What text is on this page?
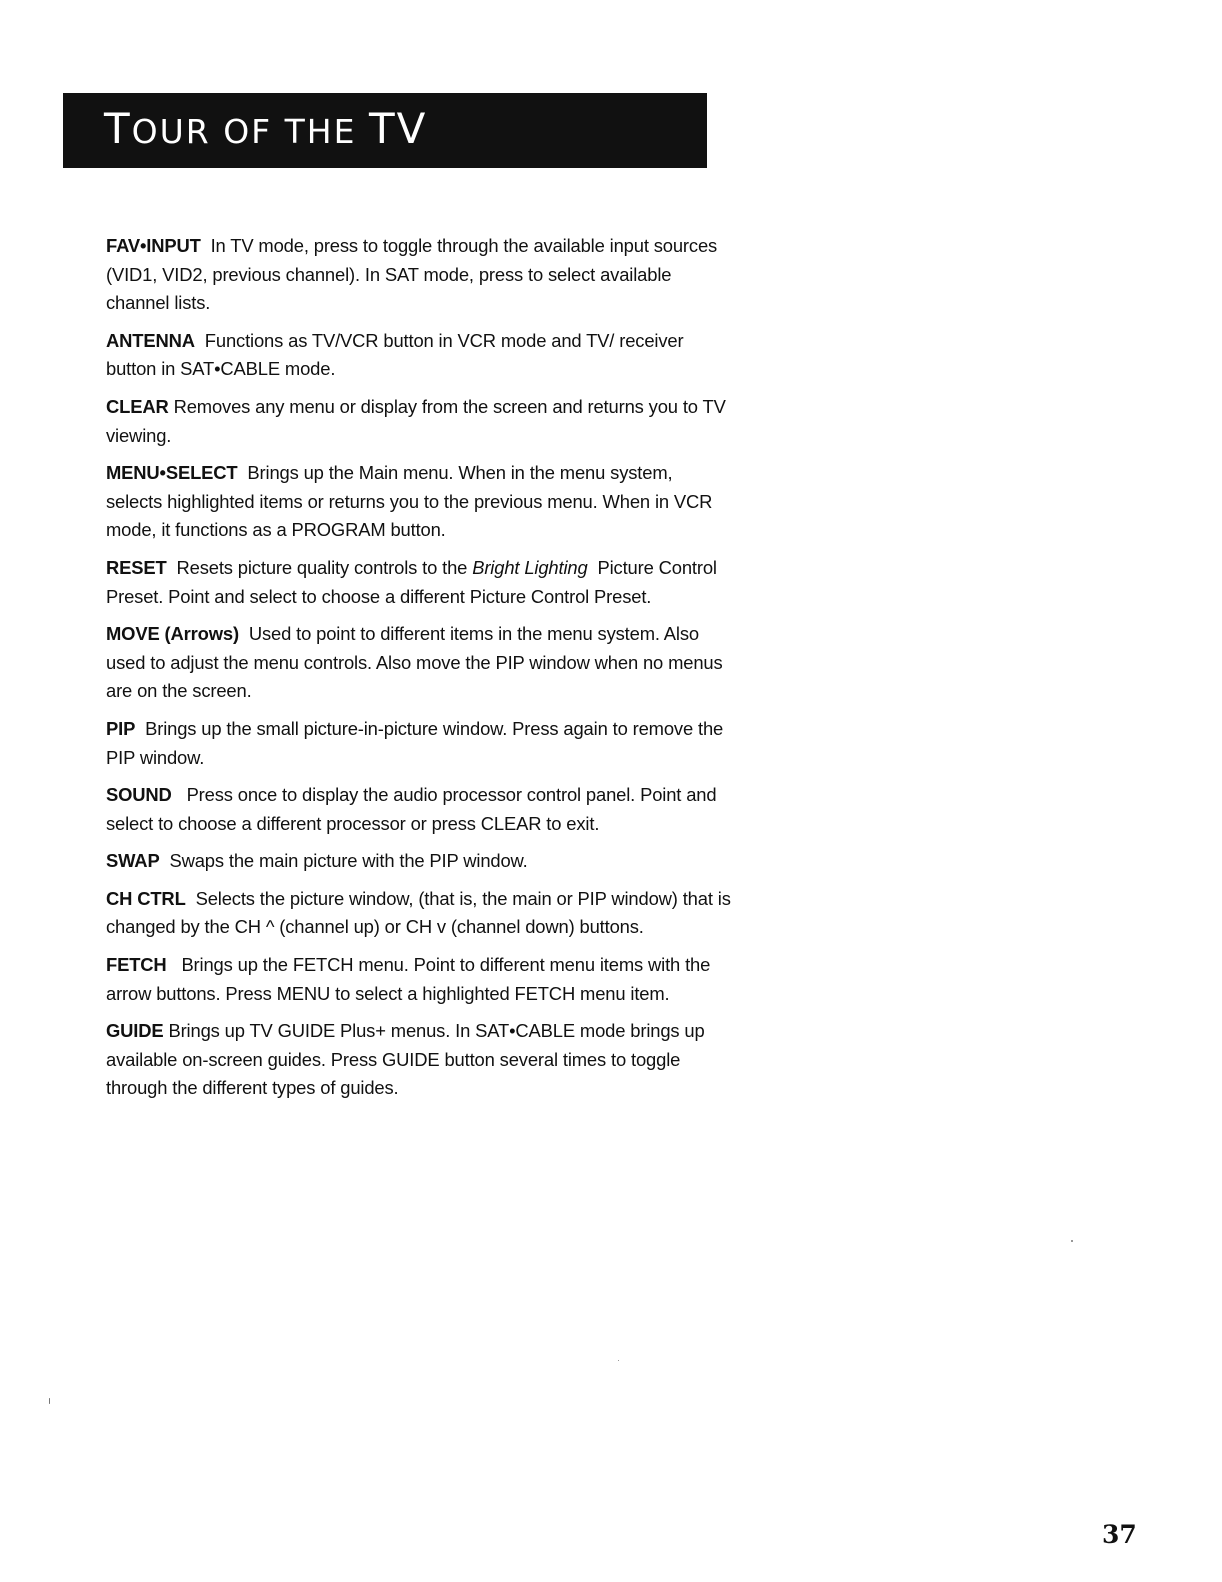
TOUR OF THE TV

FAV•INPUT In TV mode, press to toggle through the available input sources (VID1, VID2, previous channel). In SAT mode, press to select available channel lists.

ANTENNA Functions as TV/VCR button in VCR mode and TV/ receiver button in SAT•CABLE mode.

CLEAR Removes any menu or display from the screen and returns you to TV viewing.

MENU•SELECT Brings up the Main menu. When in the menu system, selects highlighted items or returns you to the previous menu. When in VCR mode, it functions as a PROGRAM button.

RESET Resets picture quality controls to the Bright Lighting Picture Control Preset. Point and select to choose a different Picture Control Preset.

MOVE (Arrows) Used to point to different items in the menu system. Also used to adjust the menu controls. Also move the PIP window when no menus are on the screen.

PIP Brings up the small picture-in-picture window. Press again to remove the PIP window.

SOUND Press once to display the audio processor control panel. Point and select to choose a different processor or press CLEAR to exit.

SWAP Swaps the main picture with the PIP window.

CH CTRL Selects the picture window, (that is, the main or PIP window) that is changed by the CH ^ (channel up) or CH v (channel down) buttons.

FETCH Brings up the FETCH menu. Point to different menu items with the arrow buttons. Press MENU to select a highlighted FETCH menu item.

GUIDE Brings up TV GUIDE Plus+ menus. In SAT•CABLE mode brings up available on-screen guides. Press GUIDE button several times to toggle through the different types of guides.

37
